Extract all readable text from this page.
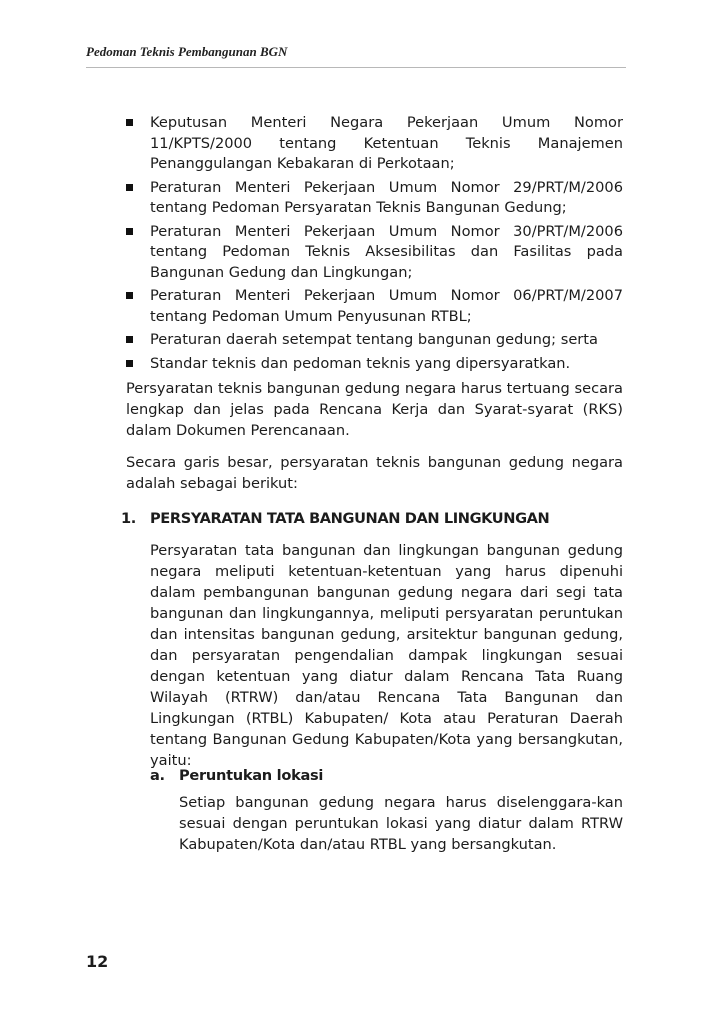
Pedoman Teknis Pembangunan BGN
Keputusan Menteri Negara Pekerjaan Umum Nomor 11/KPTS/2000 tentang Ketentuan Teknis Manajemen Penanggulangan Kebakaran di Perkotaan;
Peraturan Menteri Pekerjaan Umum Nomor 29/PRT/M/2006 tentang Pedoman Persyaratan Teknis Bangunan Gedung;
Peraturan Menteri Pekerjaan Umum Nomor 30/PRT/M/2006 tentang Pedoman Teknis Aksesibilitas dan Fasilitas pada Bangunan Gedung dan Lingkungan;
Peraturan Menteri Pekerjaan Umum Nomor 06/PRT/M/2007 tentang Pedoman Umum Penyusunan RTBL;
Peraturan daerah setempat tentang bangunan gedung; serta
Standar teknis dan pedoman teknis yang dipersyaratkan.
Persyaratan teknis bangunan gedung negara harus tertuang secara lengkap dan jelas pada Rencana Kerja dan Syarat-syarat (RKS) dalam Dokumen Perencanaan.
Secara garis besar, persyaratan teknis bangunan gedung negara adalah sebagai berikut:
1. PERSYARATAN TATA BANGUNAN DAN LINGKUNGAN
Persyaratan tata bangunan dan lingkungan bangunan gedung negara meliputi ketentuan-ketentuan yang harus dipenuhi dalam pembangunan bangunan gedung negara dari segi tata bangunan dan lingkungannya, meliputi persyaratan peruntukan dan intensitas bangunan gedung, arsitektur bangunan gedung, dan persyaratan pengendalian dampak lingkungan sesuai dengan ketentuan yang diatur dalam Rencana Tata Ruang Wilayah (RTRW) dan/atau Rencana Tata Bangunan dan Lingkungan (RTBL) Kabupaten/ Kota atau Peraturan Daerah tentang Bangunan Gedung Kabupaten/Kota yang bersangkutan, yaitu:
a. Peruntukan lokasi
Setiap bangunan gedung negara harus diselenggara-kan sesuai dengan peruntukan lokasi yang diatur dalam RTRW Kabupaten/Kota dan/atau RTBL yang bersangkutan.
12
